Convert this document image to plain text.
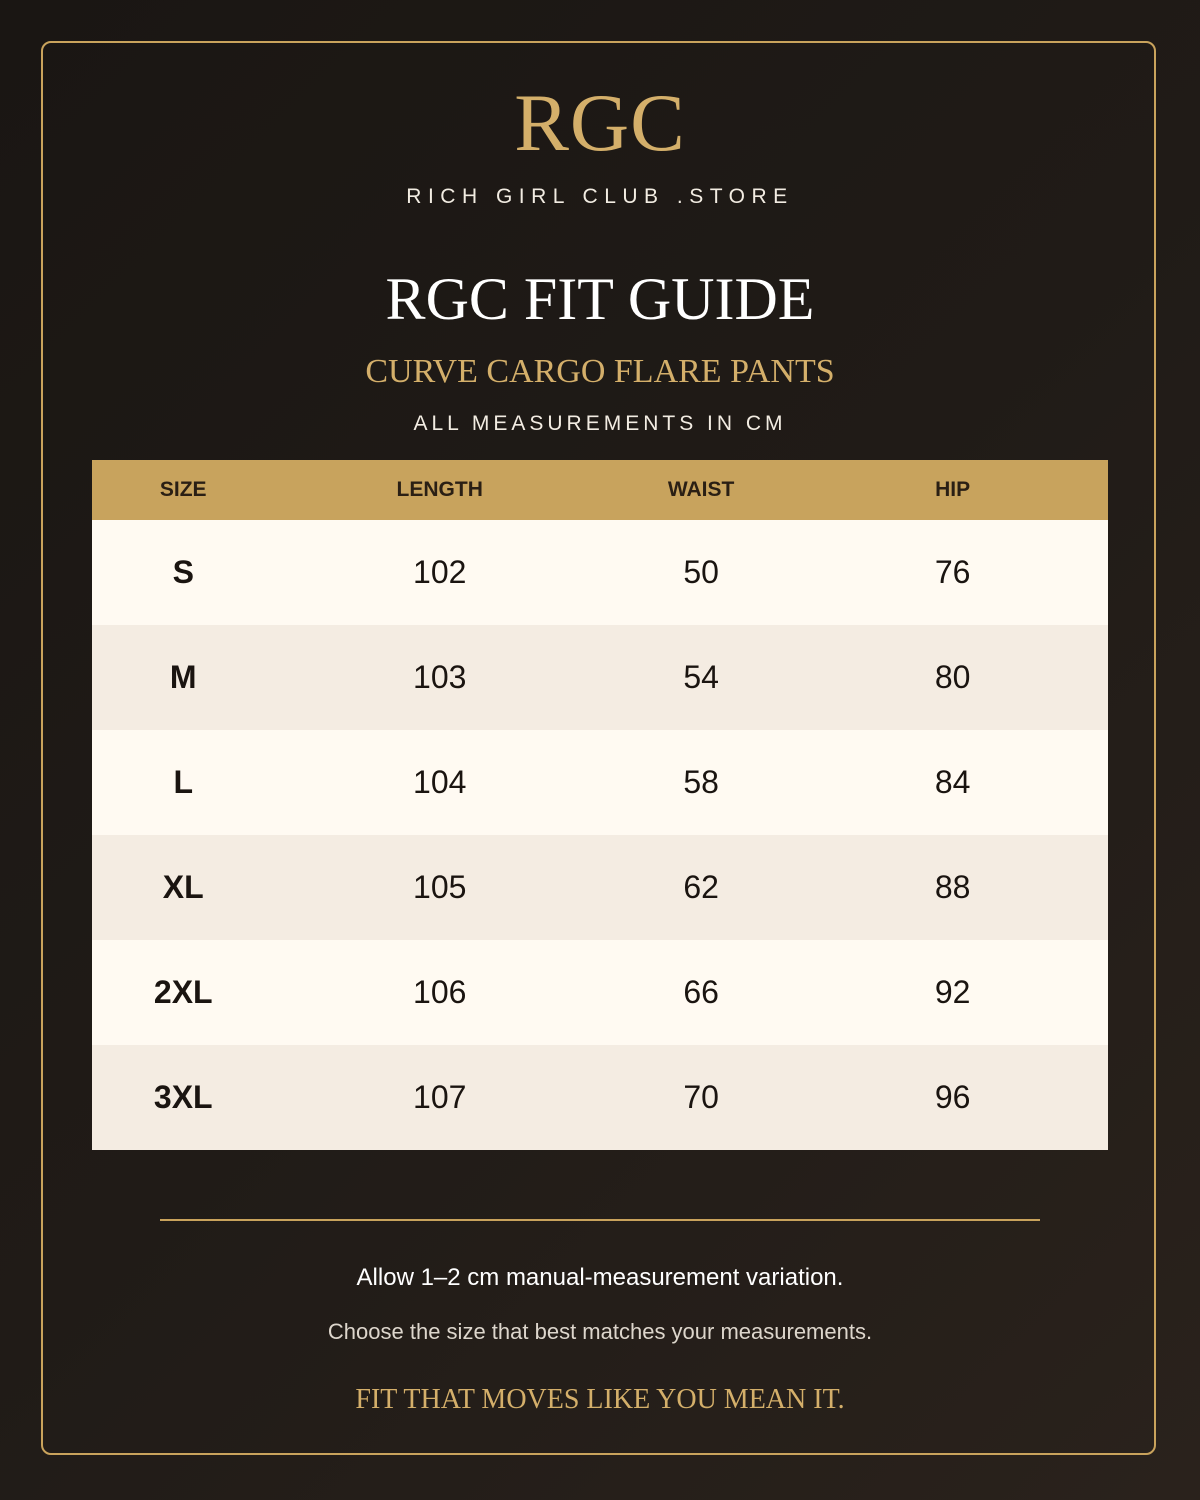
RGC
RICH GIRL CLUB .STORE
RGC FIT GUIDE
CURVE CARGO FLARE PANTS
ALL MEASUREMENTS IN CM
SIZE	LENGTH	WAIST	HIP
S	102	50	76
M	103	54	80
L	104	58	84
XL	105	62	88
2XL	106	66	92
3XL	107	70	96
Allow 1–2 cm manual-measurement variation.
Choose the size that best matches your measurements.
FIT THAT MOVES LIKE YOU MEAN IT.
